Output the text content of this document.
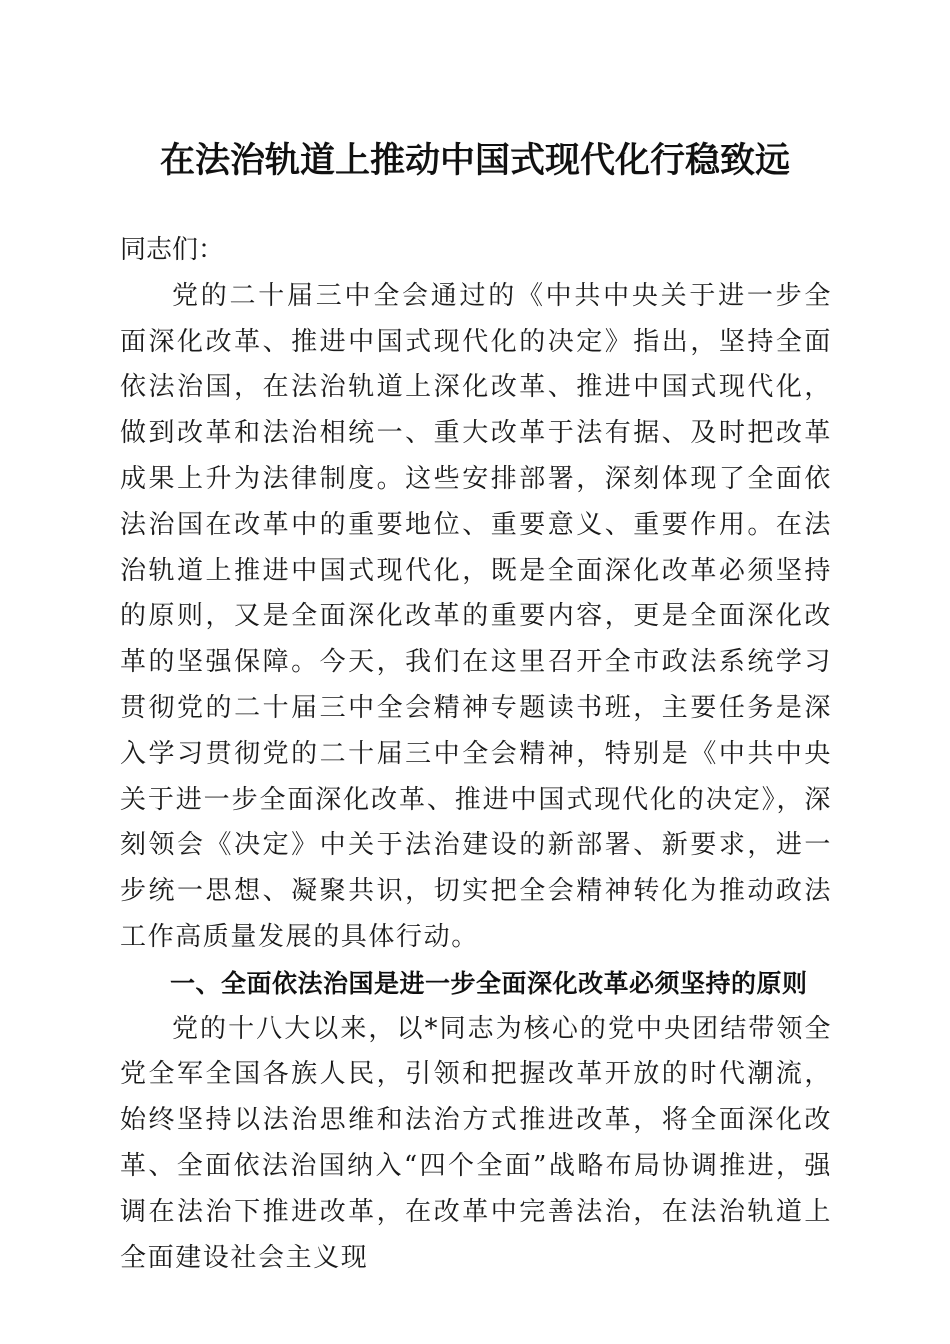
在法治轨道上推动中国式现代化行稳致远

同志们：

党的二十届三中全会通过的《中共中央关于进一步全面深化改革、推进中国式现代化的决定》指出，坚持全面依法治国，在法治轨道上深化改革、推进中国式现代化，做到改革和法治相统一、重大改革于法有据、及时把改革成果上升为法律制度。这些安排部署，深刻体现了全面依法治国在改革中的重要地位、重要意义、重要作用。在法治轨道上推进中国式现代化，既是全面深化改革必须坚持的原则，又是全面深化改革的重要内容，更是全面深化改革的坚强保障。今天，我们在这里召开全市政法系统学习贯彻党的二十届三中全会精神专题读书班，主要任务是深入学习贯彻党的二十届三中全会精神，特别是《中共中央关于进一步全面深化改革、推进中国式现代化的决定》，深刻领会《决定》中关于法治建设的新部署、新要求，进一步统一思想、凝聚共识，切实把全会精神转化为推动政法工作高质量发展的具体行动。

一、全面依法治国是进一步全面深化改革必须坚持的原则

党的十八大以来，以*同志为核心的党中央团结带领全党全军全国各族人民，引领和把握改革开放的时代潮流，始终坚持以法治思维和法治方式推进改革，将全面深化改革、全面依法治国纳入“四个全面”战略布局协调推进，强调在法治下推进改革，在改革中完善法治，在法治轨道上全面建设社会主义现
